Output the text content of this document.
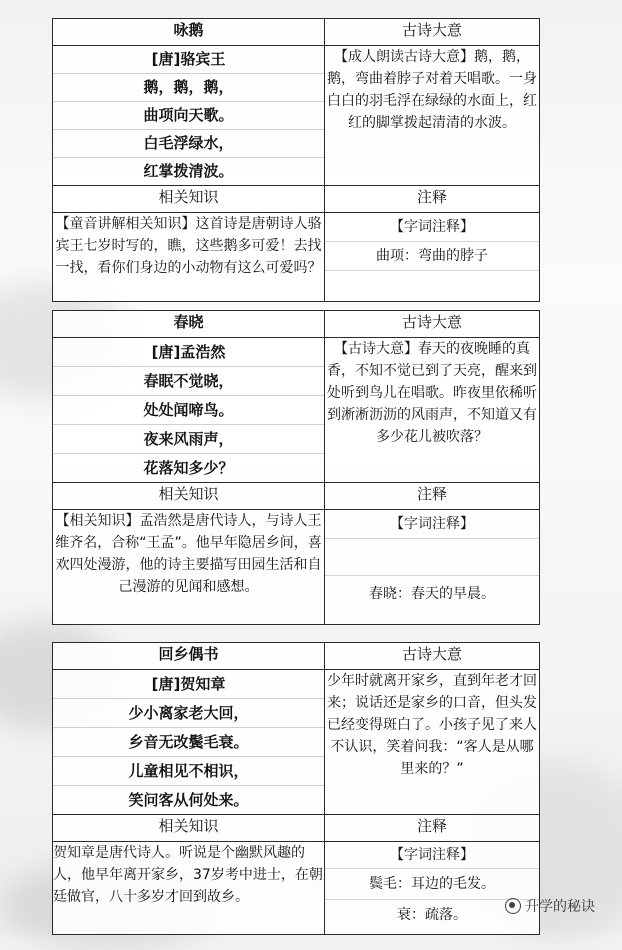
咏鹅	古诗大意

[唐]骆宾王
鹅，鹅，鹅，
曲项向天歌。
白毛浮绿水，
红掌拨清波。	【成人朗读古诗大意】鹅，鹅，鹅，弯曲着脖子对着天唱歌。一身白白的羽毛浮在绿绿的水面上，红红的脚掌拨起清清的水波。
相关知识	注释
【童音讲解相关知识】这首诗是唐朝诗人骆宾王七岁时写的，瞧，这些鹅多可爱！去找一找，看你们身边的小动物有这么可爱吗？	【字词注释】
曲项：弯曲的脖子
春晓	古诗大意

[唐]孟浩然
春眠不觉晓，
处处闻啼鸟。
夜来风雨声，
花落知多少？	【古诗大意】春天的夜晚睡的真香，不知不觉已到了天亮，醒来到处听到鸟儿在唱歌。昨夜里依稀听到淅淅沥沥的风雨声，不知道又有多少花儿被吹落？
相关知识	注释
【相关知识】孟浩然是唐代诗人，与诗人王维齐名，合称“王孟”。他早年隐居乡间，喜欢四处漫游，他的诗主要描写田园生活和自己漫游的见闻和感想。	【字词注释】
春晓：春天的早晨。
回乡偶书	古诗大意

[唐]贺知章
少小离家老大回，
乡音无改鬓毛衰。
儿童相见不相识，
笑问客从何处来。	少年时就离开家乡，直到年老才回来；说话还是家乡的口音，但头发已经变得斑白了。小孩子见了来人不认识，笑着问我：“客人是从哪里来的？”
相关知识	注释
贺知章是唐代诗人。听说是个幽默风趣的人，他早年离开家乡，37岁考中进士，在朝廷做官，八十多岁才回到故乡。	【字词注释】
鬓毛：耳边的毛发。
衰：疏落。	升学的秘诀
